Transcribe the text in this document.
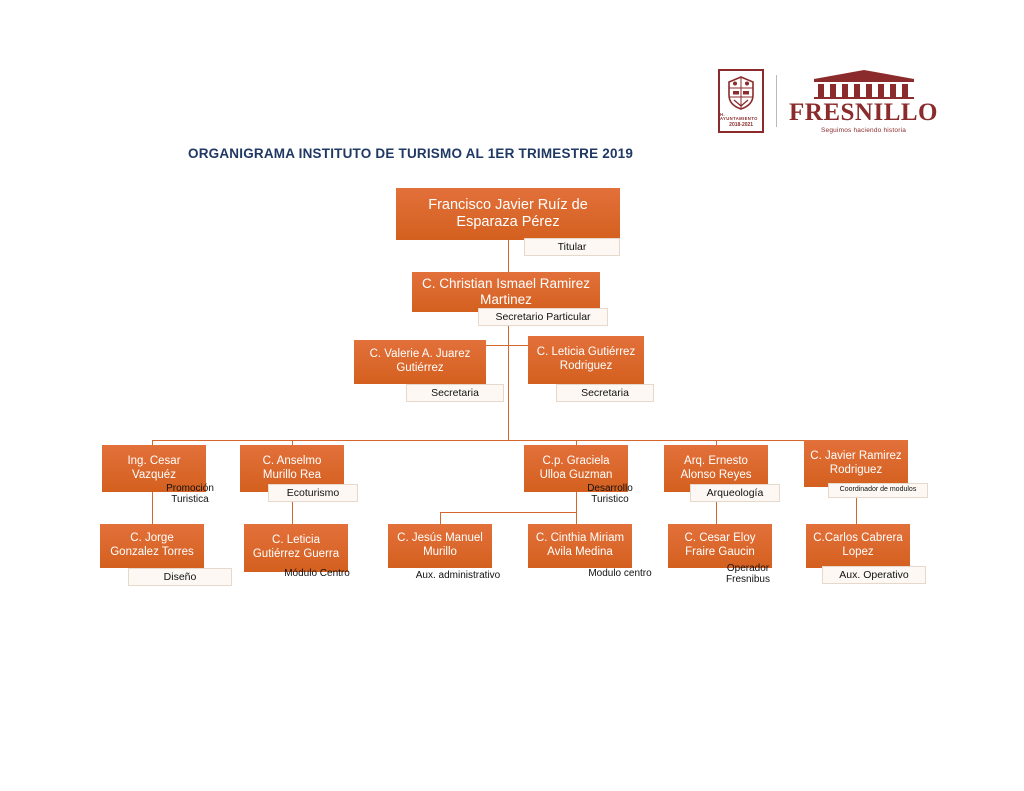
H. AYUNTAMIENTO
2018-2021 FRESNILLO
Seguimos haciendo historia
ORGANIGRAMA INSTITUTO DE TURISMO AL 1ER TRIMESTRE 2019
Francisco Javier Ruíz de Esparaza Pérez
Titular
C. Christian Ismael Ramirez Martinez
Secretario Particular
C. Valerie A. Juarez Gutiérrez
Secretaria
C. Leticia Gutiérrez Rodriguez
Secretaria
Ing. Cesar Vazquéz
Promoción Turistica
C. Anselmo Murillo Rea
Ecoturismo
C.p. Graciela Ulloa Guzman
Desarrollo Turistico
Arq. Ernesto Alonso Reyes
Arqueología
C. Javier Ramirez Rodriguez
Coordinador de modulos
C. Jorge Gonzalez Torres
Diseño
C. Leticia Gutiérrez Guerra
Módulo Centro
C. Jesús Manuel Murillo
Aux. administrativo
C. Cinthia Miriam Avila Medina
Modulo centro
C. Cesar Eloy Fraire Gaucin
Operador Fresnibus
C.Carlos Cabrera Lopez
Aux. Operativo
